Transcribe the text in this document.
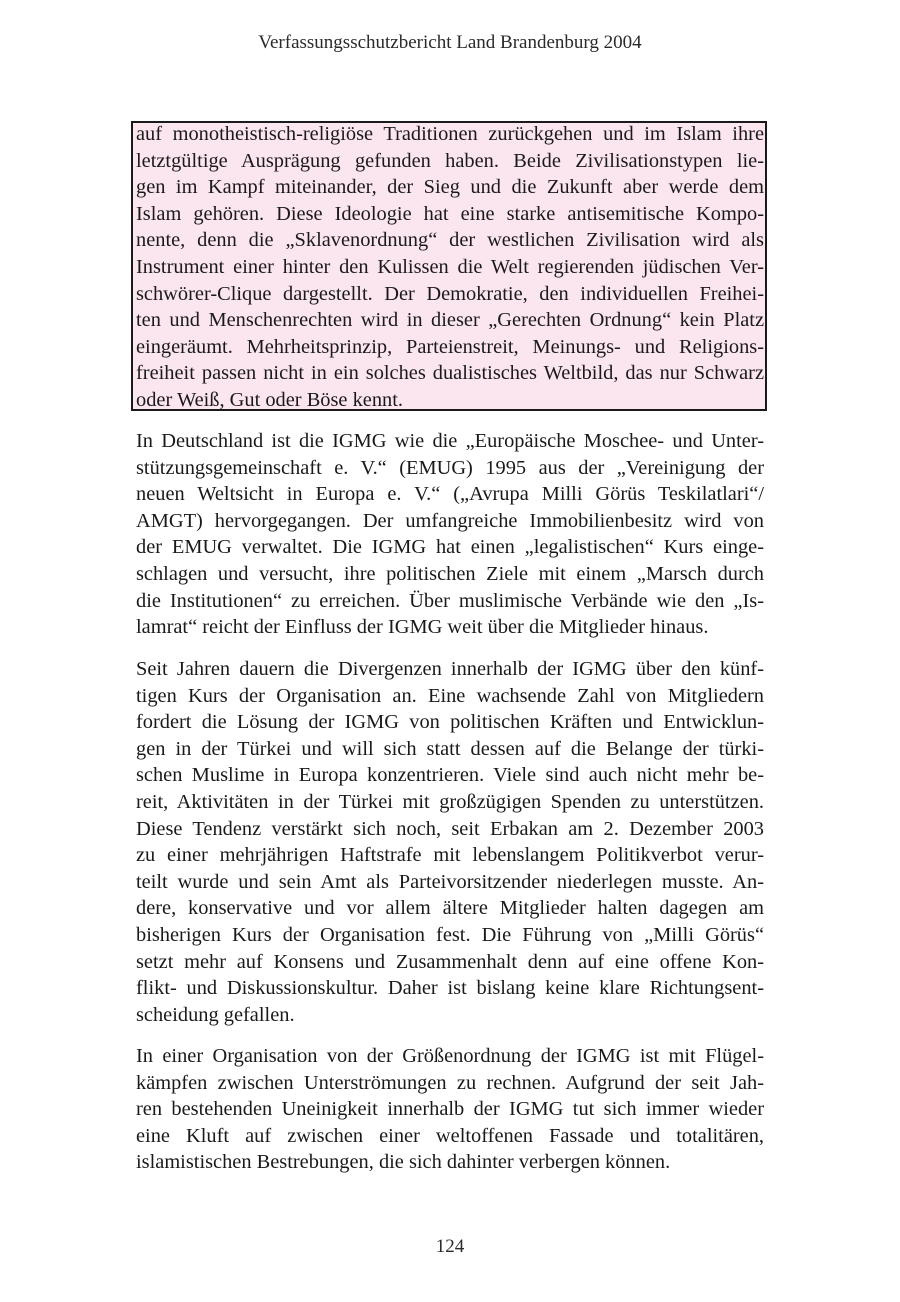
Verfassungsschutzbericht Land Brandenburg 2004
auf monotheistisch-religiöse Traditionen zurückgehen und im Islam ihre
letztgültige Ausprägung gefunden haben. Beide Zivilisationstypen lie-
gen im Kampf miteinander, der Sieg und die Zukunft aber werde dem
Islam gehören. Diese Ideologie hat eine starke antisemitische Kompo-
nente, denn die „Sklavenordnung“ der westlichen Zivilisation wird als
Instrument einer hinter den Kulissen die Welt regierenden jüdischen Ver-
schwörer-Clique dargestellt. Der Demokratie, den individuellen Freihei-
ten und Menschenrechten wird in dieser „Gerechten Ordnung“ kein Platz
eingeräumt. Mehrheitsprinzip, Parteienstreit, Meinungs- und Religions-
freiheit passen nicht in ein solches dualistisches Weltbild, das nur Schwarz
oder Weiß, Gut oder Böse kennt.
In Deutschland ist die IGMG wie die „Europäische Moschee- und Unter-
stützungsgemeinschaft e. V.“ (EMUG) 1995 aus der „Vereinigung der
neuen Weltsicht in Europa e. V.“ („Avrupa Milli Görüs Teskilatlari“/
AMGT) hervorgegangen. Der umfangreiche Immobilienbesitz wird von
der EMUG verwaltet. Die IGMG hat einen „legalistischen“ Kurs einge-
schlagen und versucht, ihre politischen Ziele mit einem „Marsch durch
die Institutionen“ zu erreichen. Über muslimische Verbände wie den „Is-
lamrat“ reicht der Einfluss der IGMG weit über die Mitglieder hinaus.
Seit Jahren dauern die Divergenzen innerhalb der IGMG über den künf-
tigen Kurs der Organisation an. Eine wachsende Zahl von Mitgliedern
fordert die Lösung der IGMG von politischen Kräften und Entwicklun-
gen in der Türkei und will sich statt dessen auf die Belange der türki-
schen Muslime in Europa konzentrieren. Viele sind auch nicht mehr be-
reit, Aktivitäten in der Türkei mit großzügigen Spenden zu unterstützen.
Diese Tendenz verstärkt sich noch, seit Erbakan am 2. Dezember 2003
zu einer mehrjährigen Haftstrafe mit lebenslangem Politikverbot verur-
teilt wurde und sein Amt als Parteivorsitzender niederlegen musste. An-
dere, konservative und vor allem ältere Mitglieder halten dagegen am
bisherigen Kurs der Organisation fest. Die Führung von „Milli Görüs“
setzt mehr auf Konsens und Zusammenhalt denn auf eine offene Kon-
flikt- und Diskussionskultur. Daher ist bislang keine klare Richtungsent-
scheidung gefallen.
In einer Organisation von der Größenordnung der IGMG ist mit Flügel-
kämpfen zwischen Unterströmungen zu rechnen. Aufgrund der seit Jah-
ren bestehenden Uneinigkeit innerhalb der IGMG tut sich immer wieder
eine Kluft auf zwischen einer weltoffenen Fassade und totalitären,
islamistischen Bestrebungen, die sich dahinter verbergen können.
124
